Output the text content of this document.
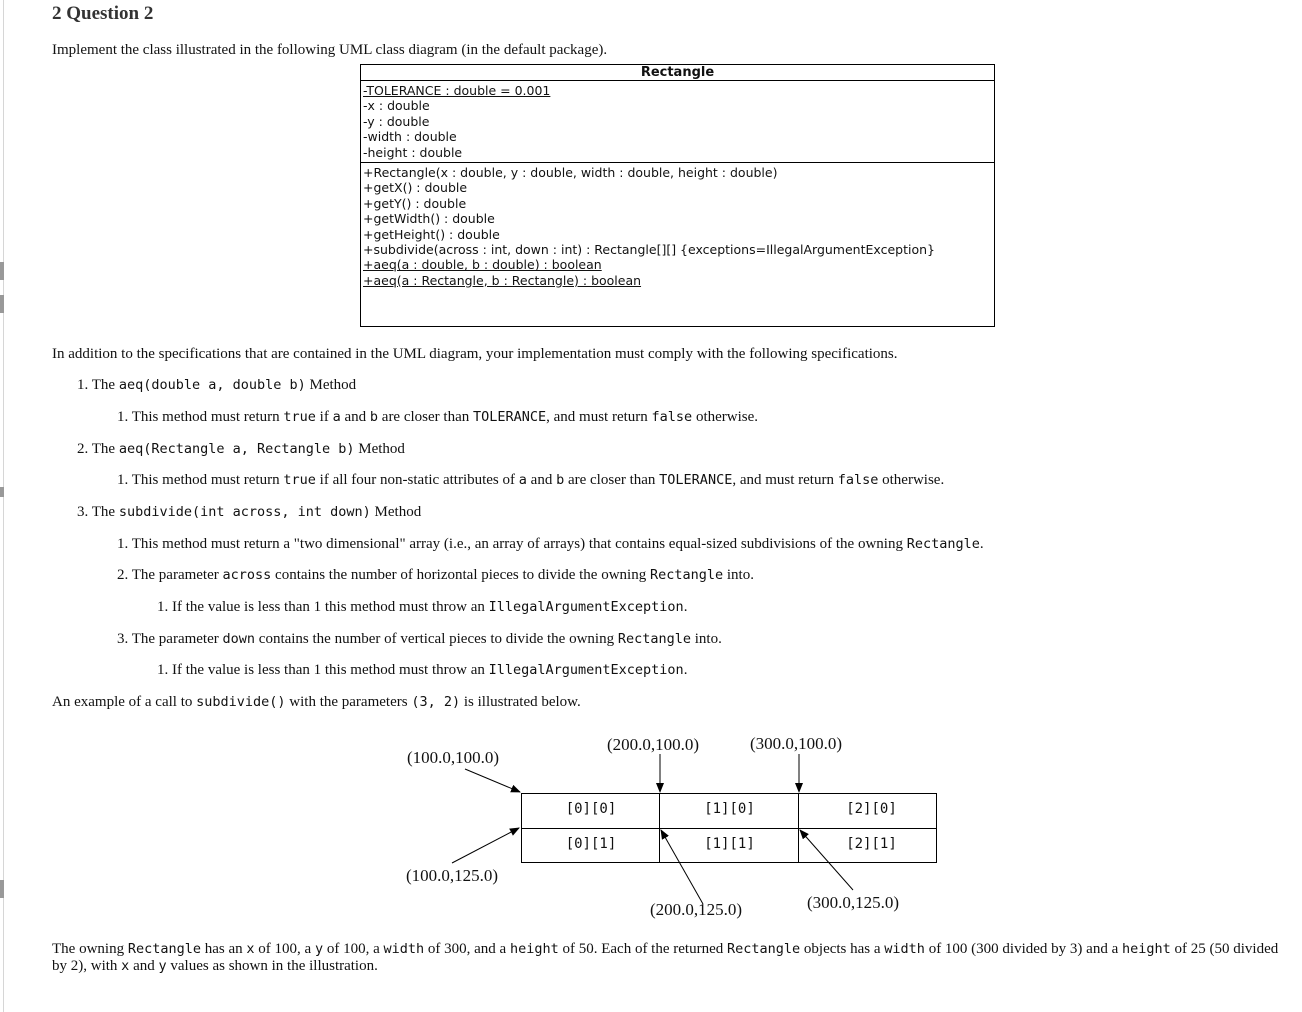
2 Question 2
Implement the class illustrated in the following UML class diagram (in the default package).
Rectangle
-TOLERANCE : double = 0.001
-x : double
-y : double
-width : double
-height : double
+Rectangle(x : double, y : double, width : double, height : double)
+getX() : double
+getY() : double
+getWidth() : double
+getHeight() : double
+subdivide(across : int, down : int) : Rectangle[][] {exceptions=IllegalArgumentException}
+aeq(a : double, b : double) : boolean
+aeq(a : Rectangle, b : Rectangle) : boolean
In addition to the specifications that are contained in the UML diagram, your implementation must comply with the following specifications.
1. The aeq(double a, double b) Method
1. This method must return true if a and b are closer than TOLERANCE, and must return false otherwise.
2. The aeq(Rectangle a, Rectangle b) Method
1. This method must return true if all four non-static attributes of a and b are closer than TOLERANCE, and must return false otherwise.
3. The subdivide(int across, int down) Method
1. This method must return a "two dimensional" array (i.e., an array of arrays) that contains equal-sized subdivisions of the owning Rectangle.
2. The parameter across contains the number of horizontal pieces to divide the owning Rectangle into.
1. If the value is less than 1 this method must throw an IllegalArgumentException.
3. The parameter down contains the number of vertical pieces to divide the owning Rectangle into.
1. If the value is less than 1 this method must throw an IllegalArgumentException.
An example of a call to subdivide() with the parameters (3, 2) is illustrated below.
(100.0,100.0)
(200.0,100.0)	(300.0,100.0)
(100.0,125.0)
(200.0,125.0)	(300.0,125.0)
[0][0]	[1][0]	[2][0]
[0][1]	[1][1]	[2][1]
The owning Rectangle has an x of 100, a y of 100, a width of 300, and a height of 50. Each of the returned Rectangle objects has a width of 100 (300 divided by 3) and a height of 25 (50 divided
by 2), with x and y values as shown in the illustration.
